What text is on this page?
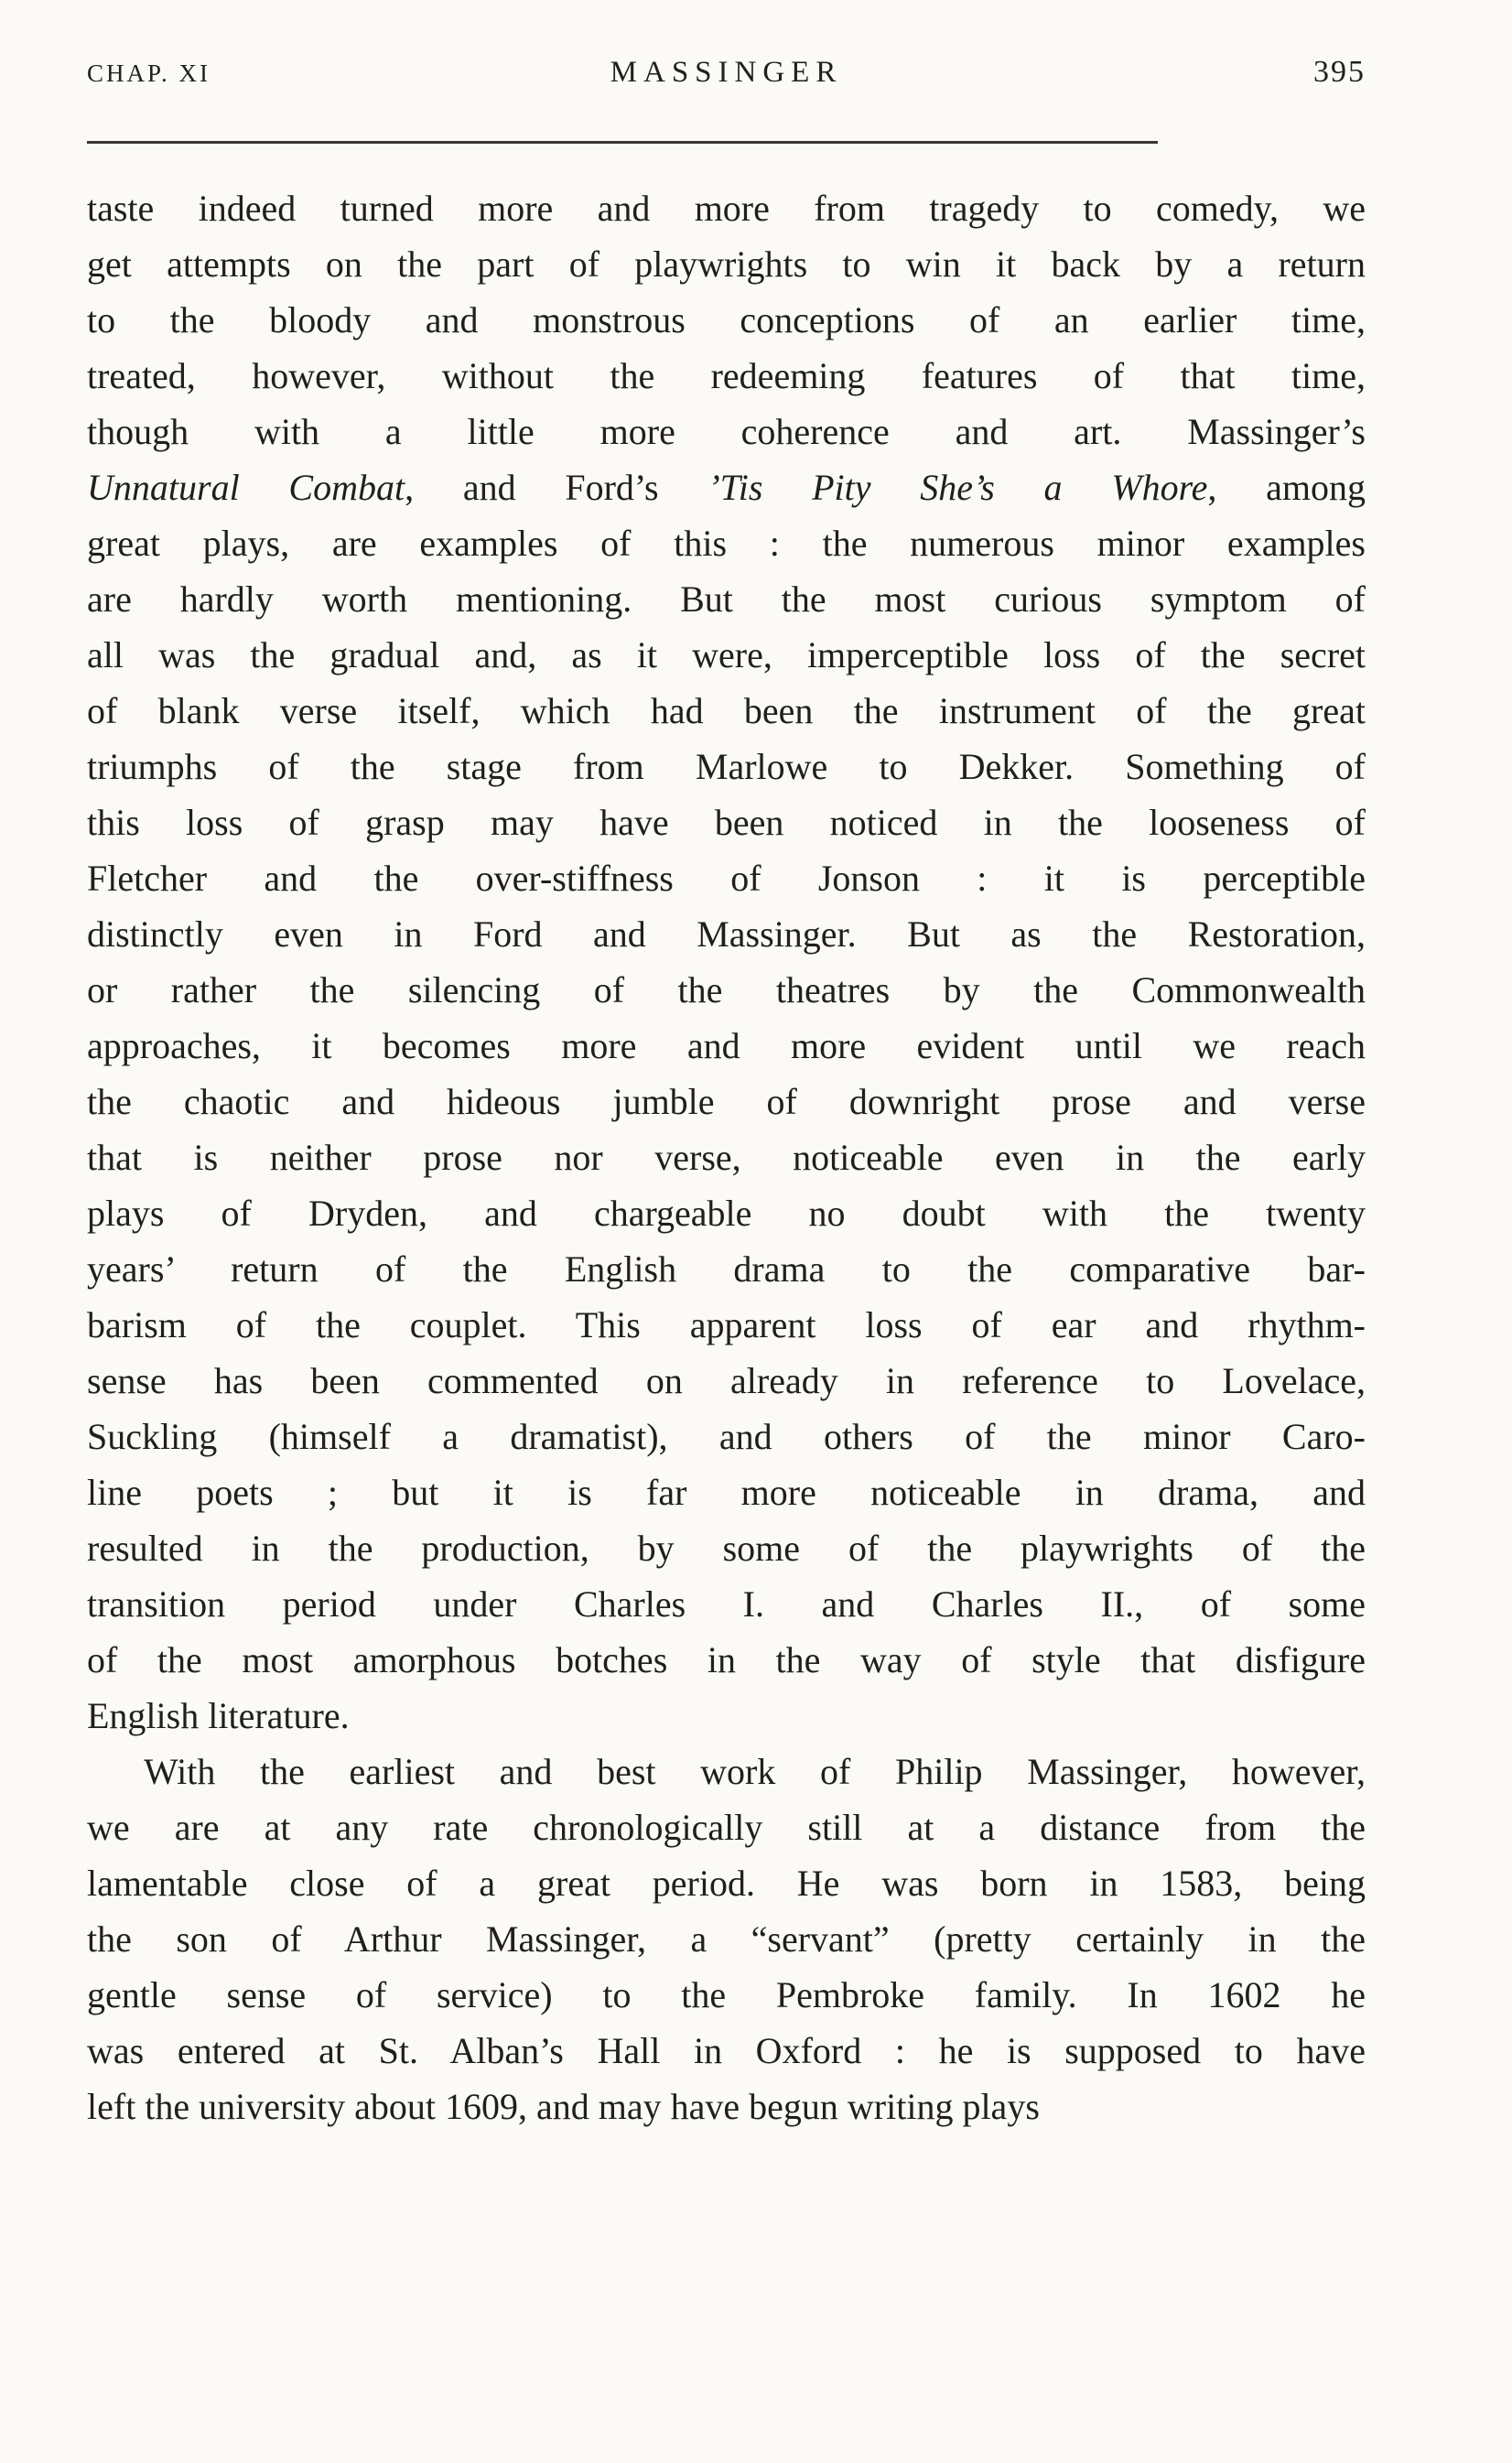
CHAP. XI	MASSINGER	395
taste indeed turned more and more from tragedy to comedy, we
get attempts on the part of playwrights to win it back by a return
to the bloody and monstrous conceptions of an earlier time,
treated, however, without the redeeming features of that time,
though with a little more coherence and art. Massinger’s
Unnatural Combat, and Ford’s ’Tis Pity She’s a Whore, among
great plays, are examples of this : the numerous minor examples
are hardly worth mentioning. But the most curious symptom of
all was the gradual and, as it were, imperceptible loss of the secret
of blank verse itself, which had been the instrument of the great
triumphs of the stage from Marlowe to Dekker. Something of
this loss of grasp may have been noticed in the looseness of
Fletcher and the over-stiffness of Jonson : it is perceptible
distinctly even in Ford and Massinger. But as the Restoration,
or rather the silencing of the theatres by the Commonwealth
approaches, it becomes more and more evident until we reach
the chaotic and hideous jumble of downright prose and verse
that is neither prose nor verse, noticeable even in the early
plays of Dryden, and chargeable no doubt with the twenty
years’ return of the English drama to the comparative bar-
barism of the couplet. This apparent loss of ear and rhythm-
sense has been commented on already in reference to Lovelace,
Suckling (himself a dramatist), and others of the minor Caro-
line poets ; but it is far more noticeable in drama, and
resulted in the production, by some of the playwrights of the
transition period under Charles I. and Charles II., of some
of the most amorphous botches in the way of style that disfigure
English literature.
With the earliest and best work of Philip Massinger, however,
we are at any rate chronologically still at a distance from the
lamentable close of a great period. He was born in 1583, being
the son of Arthur Massinger, a “servant” (pretty certainly in the
gentle sense of service) to the Pembroke family. In 1602 he
was entered at St. Alban’s Hall in Oxford : he is supposed to have
left the university about 1609, and may have begun writing plays
